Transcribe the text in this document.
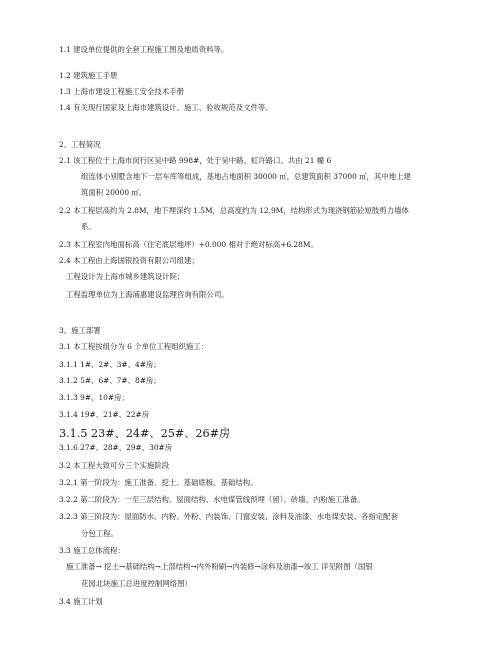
1.1 建设单位提供的全套工程施工图及地质资料等。
1.2 建筑施工手册
1.3 上海市建设工程施工安全技术手册
1.4 有关现行国家及上海市建筑设计、施工、验收规范及文件等。
2、工程简况
2.1 该工程位于上海市闵行区吴中路 998#，处于吴中路、虹许路口。共由 21 幢 6
组连体小别墅含地下一层车库等组成，基地占地面积 30000 ㎡，总建筑面积 37000 ㎡，其中地上建
筑面积 20000 ㎡。
2.2 本工程层高约为 2.8M，地下埋深约 1.5M，总高度约为 12.9M，结构形式为现浇钢筋砼短肢剪力墙体
系。
2.3 本工程室内地面标高（住宅底层地坪）+0.000 相对于绝对标高+6.28M。
2.4 本工程由上海国银投资有限公司组建；
工程设计为上海市城乡建筑设计院；
工程监理单位为上海浦惠建设监理咨询有限公司。
3、施工部署
3.1 本工程按组分为 6 个单位工程组织施工：
3.1.1 1#、2#、3#、4#房；
3.1.2 5#、6#、7#、8#房；
3.1.3 9#、10#房；
3.1.4 19#、21#、22#房
3.1.5 23#、24#、25#、26#房
3.1.6 27#、28#、29#、30#房
3.2 本工程大致可分三个实施阶段
3.2.1 第一阶段为：施工准备、挖土、基础底板、基础结构。
3.2.2 第二阶段为：一至三层结构、屋面结构、水电煤管线预埋（留）、砖墙、内粉施工准备。
3.2.3 第三阶段为：屋面防水、内粉、外粉、内装饰、门窗安装、涂料及油漆、水电煤安装、各指定配套
分包工程。
3.3 施工总体流程：
施工准备→ 挖土→基础结构→上部结构→内外粉刷→内装修→涂料及油漆→竣工 详见附图（国银
花园北块施工总进度控制网络图）
3.4 施工计划
